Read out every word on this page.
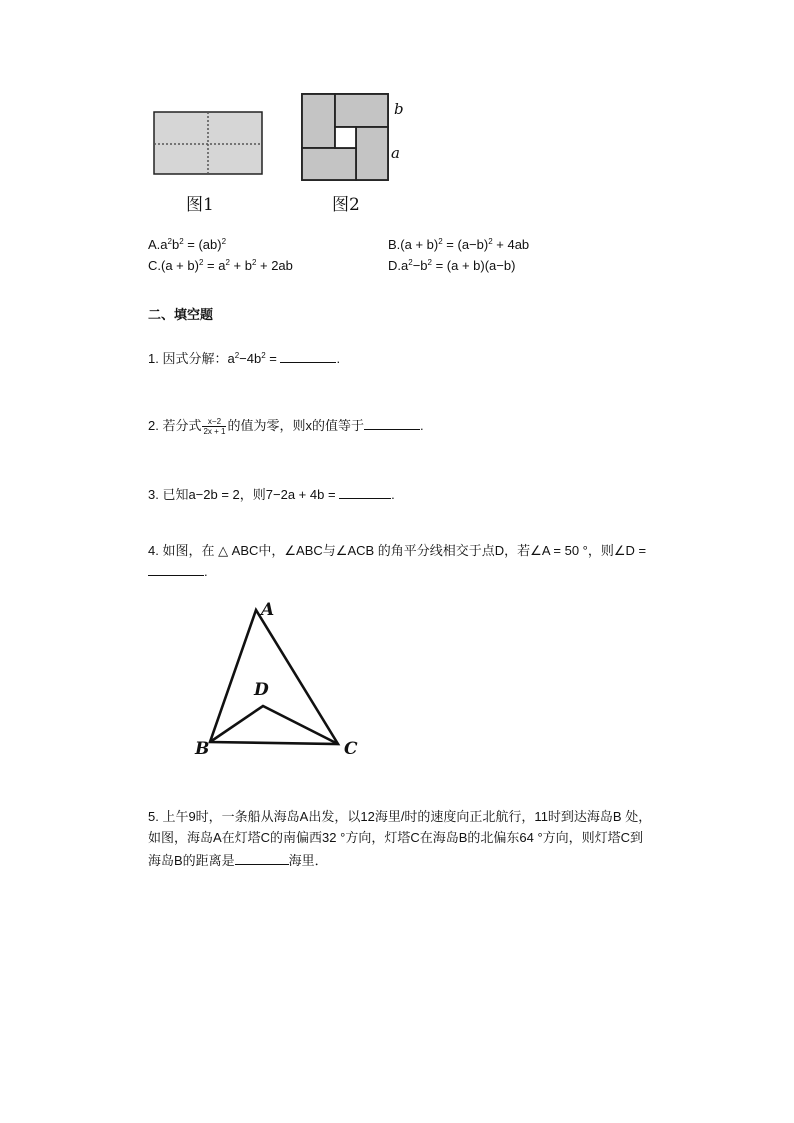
图1
b
a
图2
$A.a^2b^2 = (ab)^2$	$B.(a + b)^2 = (a-b)^2 + 4ab$
$C.(a + b)^2 = a^2 + b^2 + 2ab$	$D.a^2-b^2 = (a + b)(a-b)$
二、填空题
1. 因式分解：$a^2-4b^2$ =	.
2. 若分式 $\frac{x-2}{2x + 1}$ 的值为零，则x的值等于	.
3. 已知a−2b = 2，则7−2a + 4b =	.
4. 如图，在 △ ABC中，∠ABC与∠ACB 的角平分线相交于点D，若∠A = 50 °，则∠D =
.
A
D
B	C
5. 上午9时，一条船从海岛A出发，以12海里/时的速度向正北航行，11时到达海岛B 处，
如图，海岛A在灯塔C的南偏西32 °方向，灯塔C在海岛B的北偏东64 °方向，则灯塔C到
海岛B的距离是	海里．
